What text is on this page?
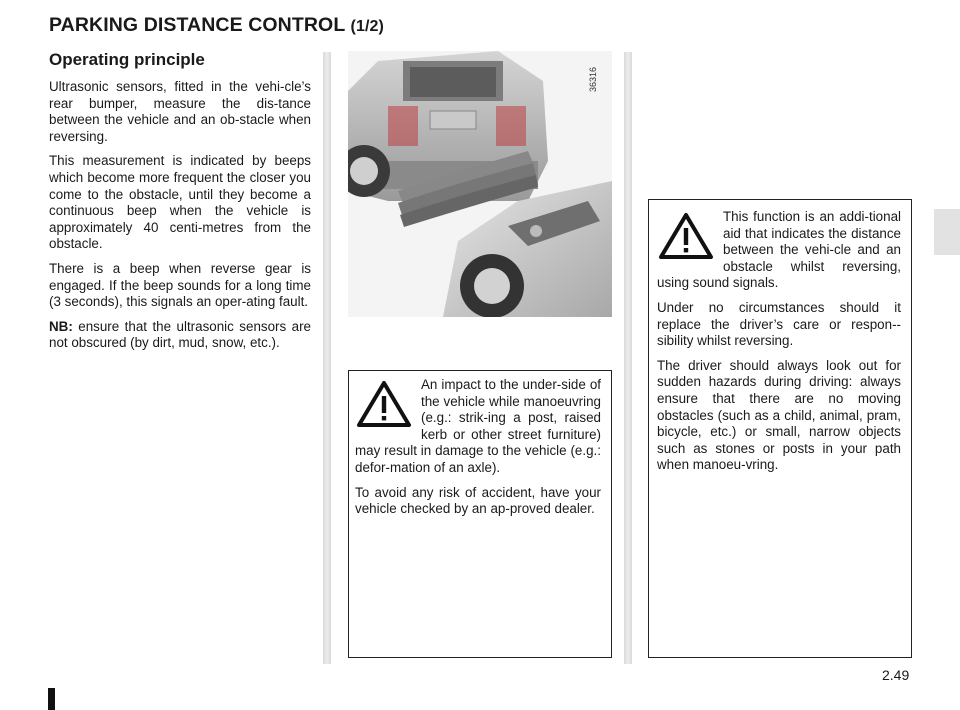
PARKING DISTANCE CONTROL (1/2)
Operating principle

Ultrasonic sensors, fitted in the vehi-cle’s rear bumper, measure the dis-tance between the vehicle and an ob-stacle when reversing.

This measurement is indicated by beeps which become more frequent the closer you come to the obstacle, until they become a continuous beep when the vehicle is approximately 40 centi-metres from the obstacle.

There is a beep when reverse gear is engaged. If the beep sounds for a long time (3 seconds), this signals an oper-ating fault.

NB: ensure that the ultrasonic sensors are not obscured (by dirt, mud, snow, etc.).

36316

An impact to the under-side of the vehicle while manoeuvring (e.g.: strik-ing a post, raised kerb or other street furniture) may result in damage to the vehicle (e.g.: defor-mation of an axle).

To avoid any risk of accident, have your vehicle checked by an ap-proved dealer.

This function is an addi-tional aid that indicates the distance between the vehi-cle and an obstacle whilst reversing, using sound signals.

Under no circumstances should it replace the driver’s care or respon-sibility whilst reversing.

The driver should always look out for sudden hazards during driving: always ensure that there are no moving obstacles (such as a child, animal, pram, bicycle, etc.) or small, narrow objects such as stones or posts in your path when manoeu-vring.

2.49
